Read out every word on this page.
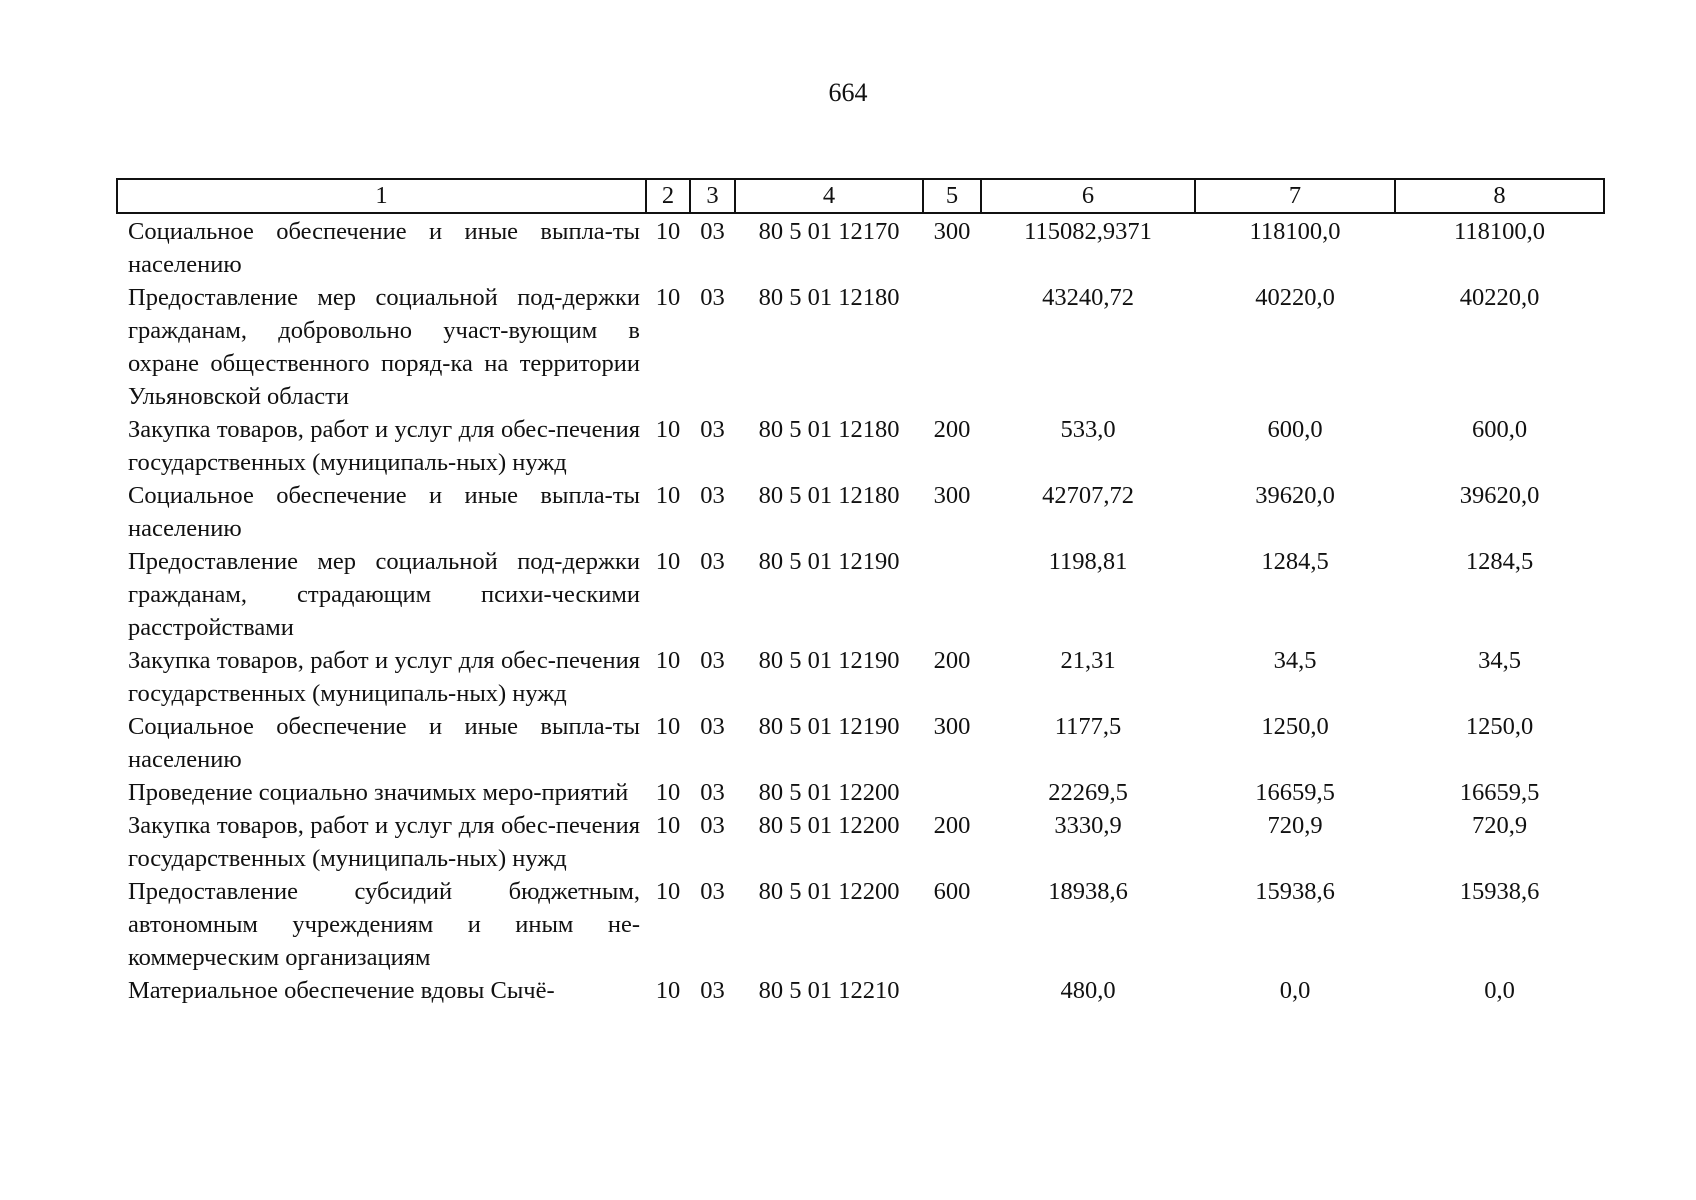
664
1	2	3	4	5	6	7	8
Социальное обеспечение и иные выпла-ты населению	10	03	80 5 01 12170	300	115082,9371	118100,0	118100,0
Предоставление мер социальной под-держки гражданам, добровольно участ-вующим в охране общественного поряд-ка на территории Ульяновской области	10	03	80 5 01 12180		43240,72	40220,0	40220,0
Закупка товаров, работ и услуг для обес-печения государственных (муниципаль-ных) нужд	10	03	80 5 01 12180	200	533,0	600,0	600,0
Социальное обеспечение и иные выпла-ты населению	10	03	80 5 01 12180	300	42707,72	39620,0	39620,0
Предоставление мер социальной под-держки гражданам, страдающим психи-ческими расстройствами	10	03	80 5 01 12190		1198,81	1284,5	1284,5
Закупка товаров, работ и услуг для обес-печения государственных (муниципаль-ных) нужд	10	03	80 5 01 12190	200	21,31	34,5	34,5
Социальное обеспечение и иные выпла-ты населению	10	03	80 5 01 12190	300	1177,5	1250,0	1250,0
Проведение социально значимых меро-приятий	10	03	80 5 01 12200		22269,5	16659,5	16659,5
Закупка товаров, работ и услуг для обес-печения государственных (муниципаль-ных) нужд	10	03	80 5 01 12200	200	3330,9	720,9	720,9
Предоставление субсидий бюджетным, автономным учреждениям и иным не-коммерческим организациям	10	03	80 5 01 12200	600	18938,6	15938,6	15938,6
Материальное обеспечение вдовы Сычё-	10	03	80 5 01 12210		480,0	0,0	0,0
